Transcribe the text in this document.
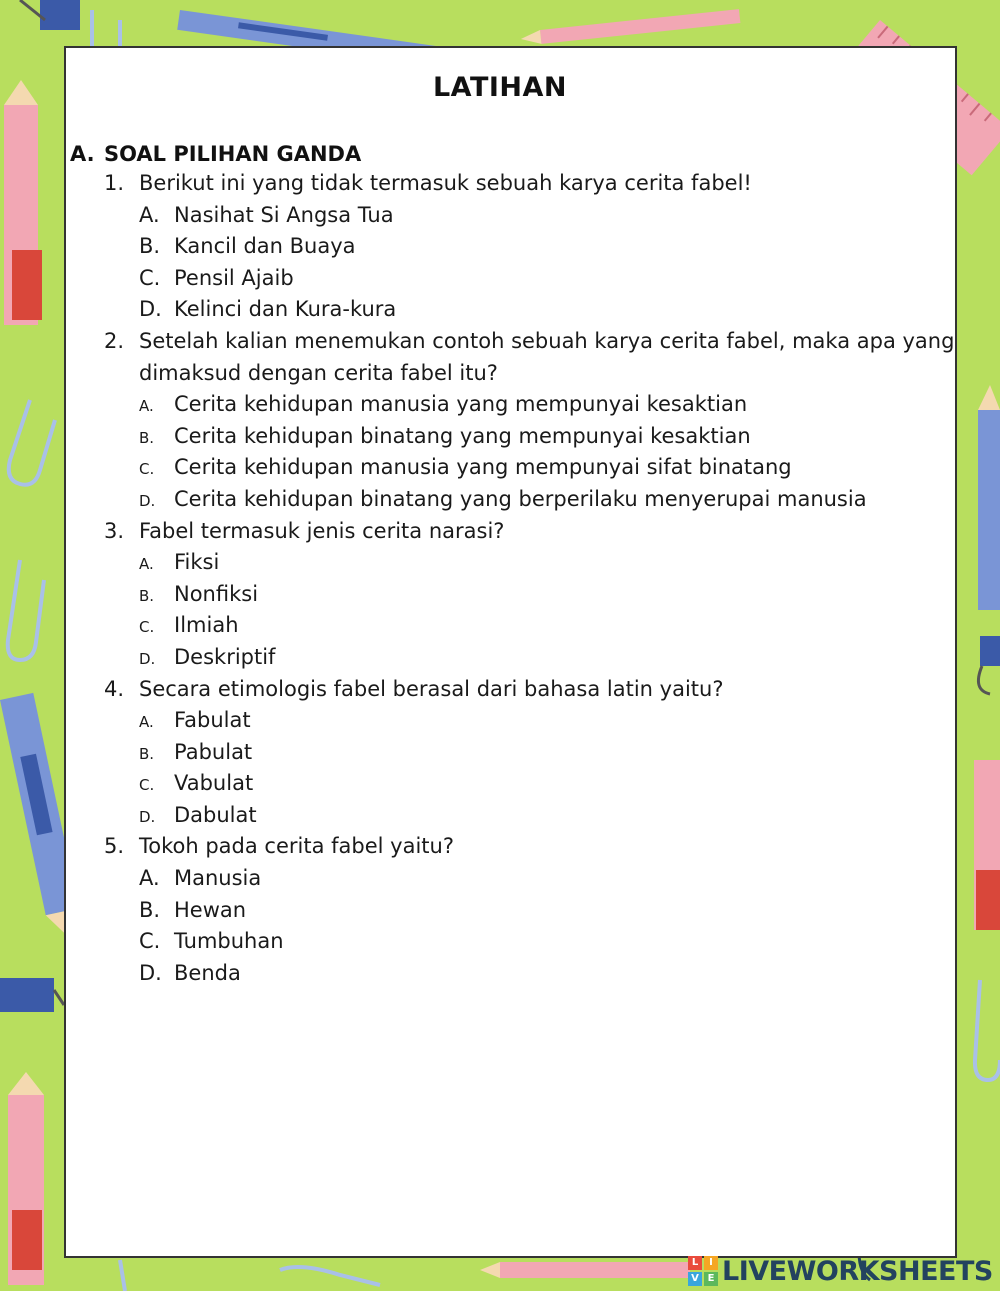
LATIHAN
A. SOAL PILIHAN GANDA
1. Berikut ini yang tidak termasuk sebuah karya cerita fabel!
A. Nasihat Si Angsa Tua
B. Kancil dan Buaya
C. Pensil Ajaib
D. Kelinci dan Kura-kura
2. Setelah kalian menemukan contoh sebuah karya cerita fabel, maka apa yang
dimaksud dengan cerita fabel itu?
A. Cerita kehidupan manusia yang mempunyai kesaktian
B. Cerita kehidupan binatang yang mempunyai kesaktian
C. Cerita kehidupan manusia yang mempunyai sifat binatang
D. Cerita kehidupan binatang yang berperilaku menyerupai manusia
3. Fabel termasuk jenis cerita narasi?
A. Fiksi
B. Nonfiksi
C. Ilmiah
D. Deskriptif
4. Secara etimologis fabel berasal dari bahasa latin yaitu?
A. Fabulat
B. Pabulat
C. Vabulat
D. Dabulat
5. Tokoh pada cerita fabel yaitu?
A. Manusia
B. Hewan
C. Tumbuhan
D. Benda
L	I
V E LIVEWORKSHEETS
